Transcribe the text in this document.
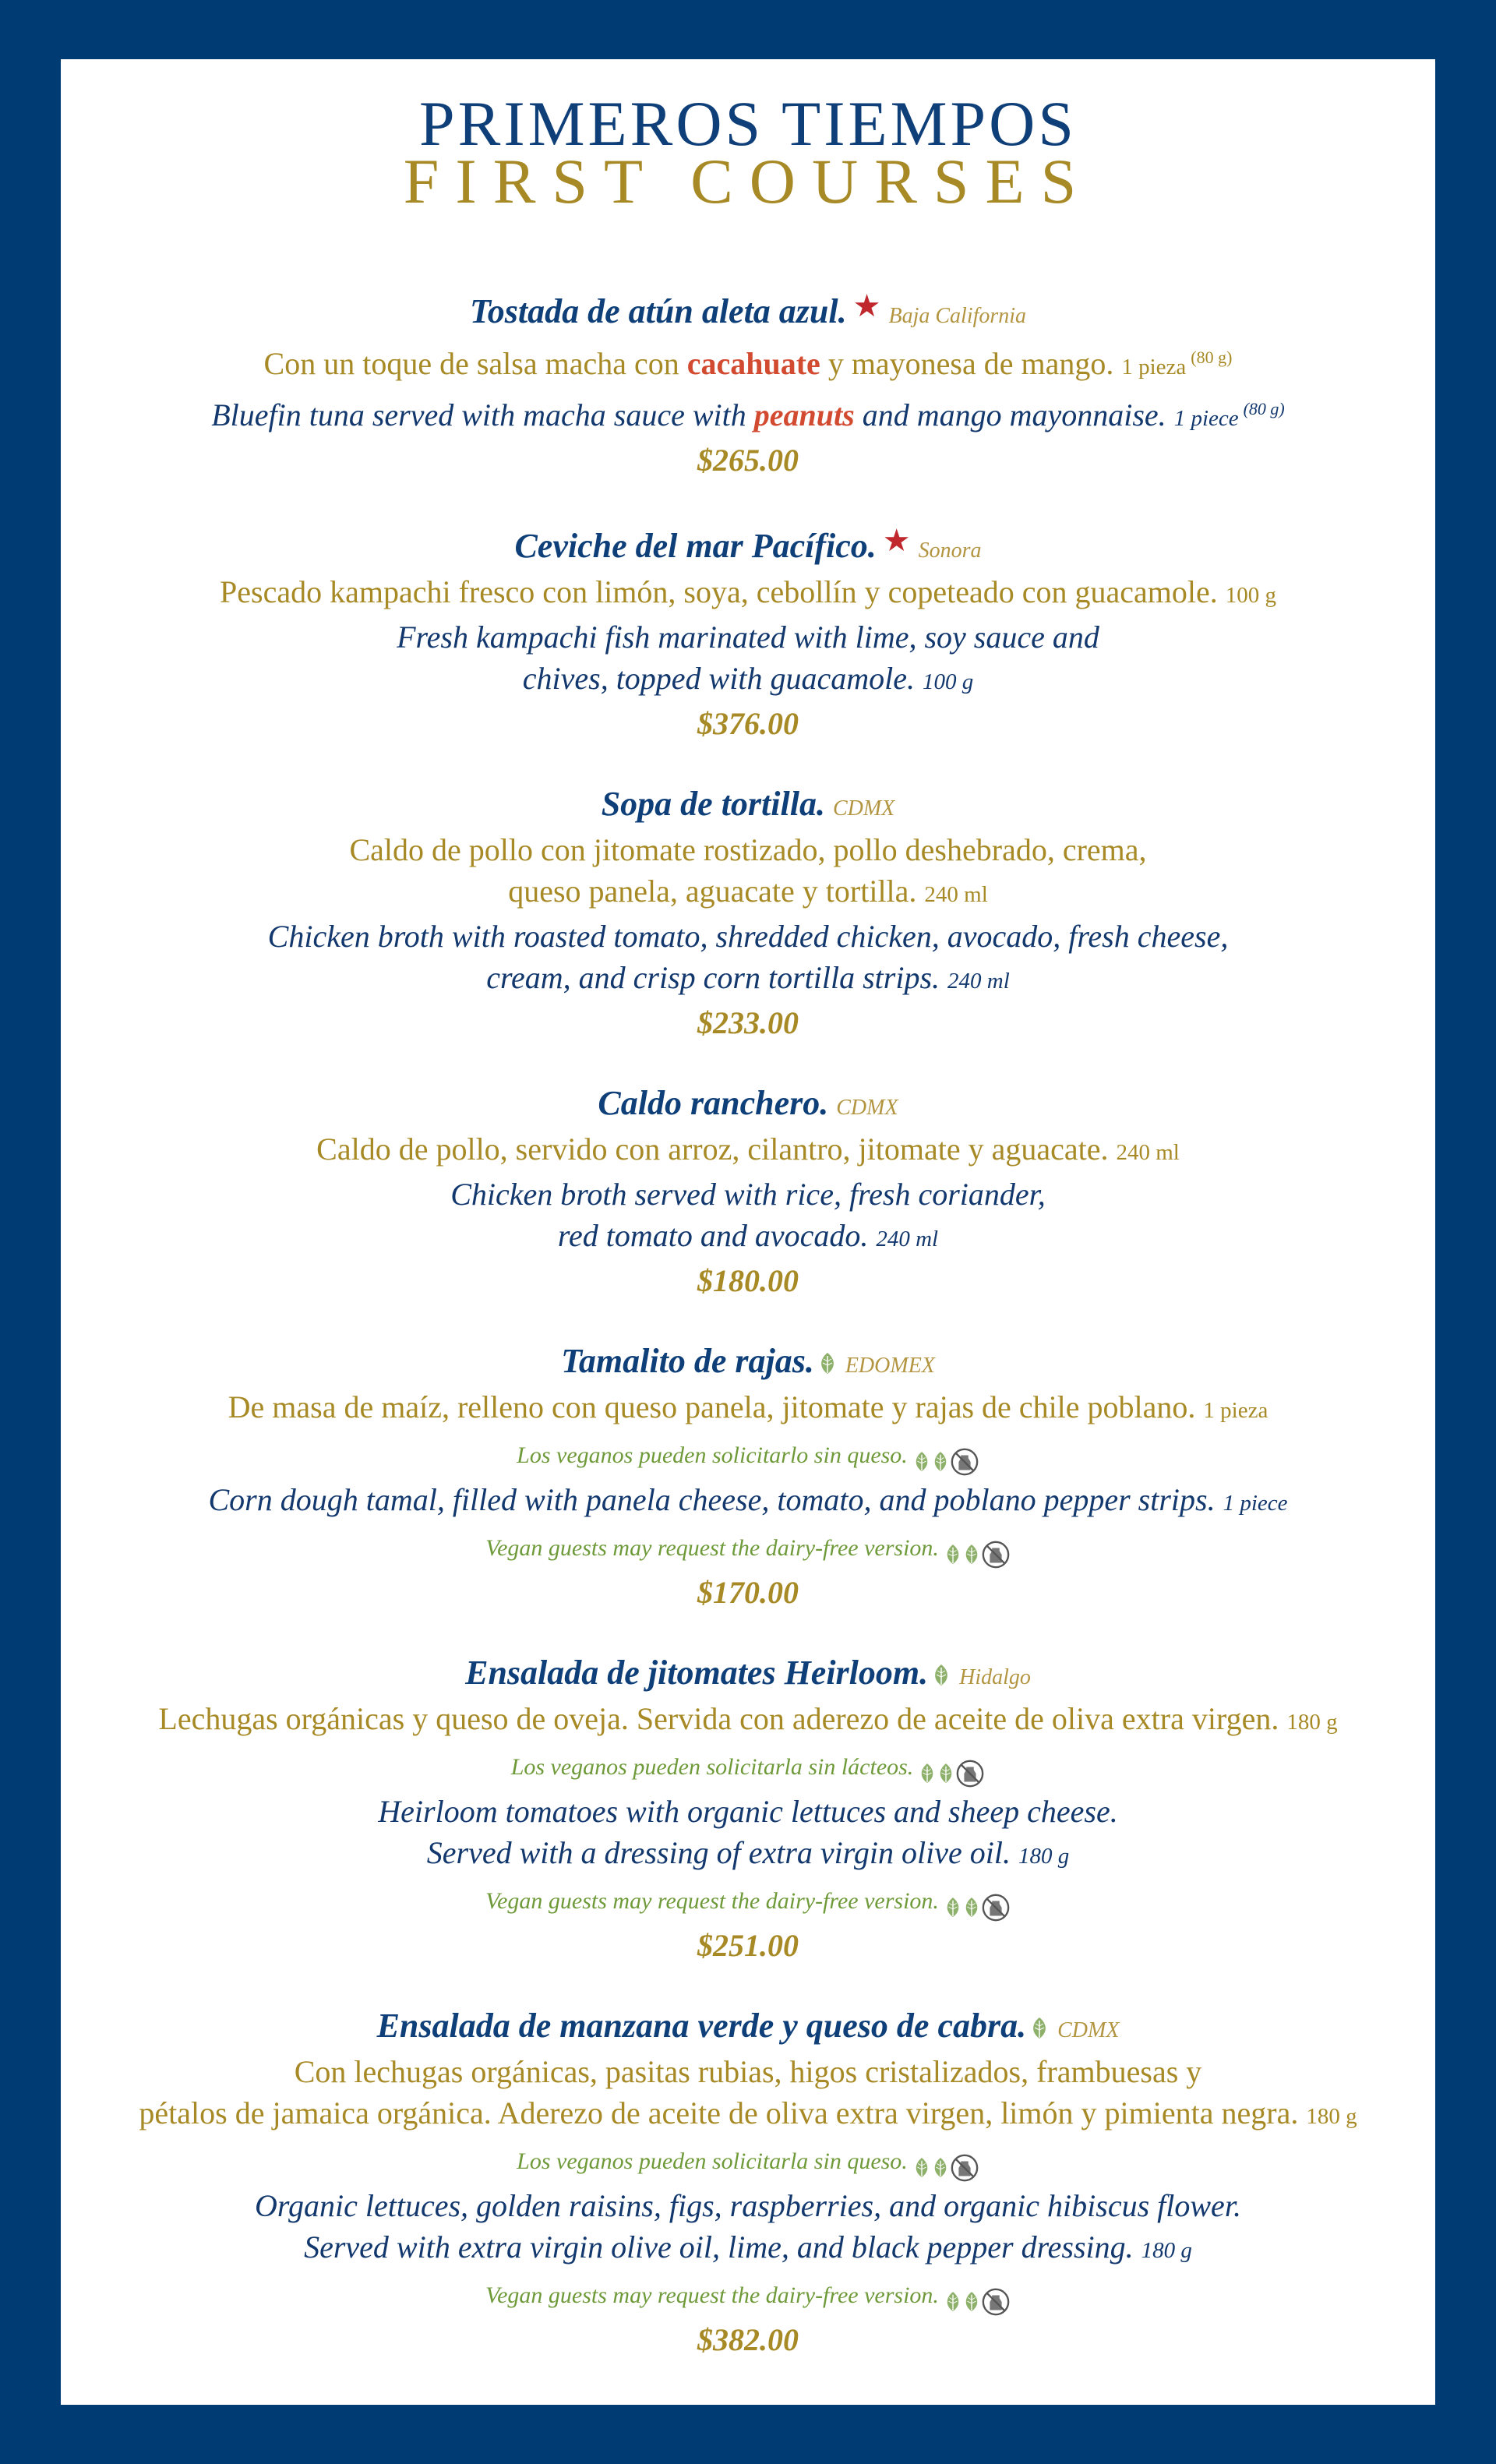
PRIMEROS TIEMPOS
FIRST COURSES
Tostada de atún aleta azul. ★ Baja California
Con un toque de salsa macha con cacahuate y mayonesa de mango. 1 pieza $^{(80 g)}$
Bluefin tuna served with macha sauce with peanuts and mango mayonnaise. 1 piece $^{(80 g)}$
$265.00
Ceviche del mar Pacífico. ★ Sonora
Pescado kampachi fresco con limón, soya, cebollín y copeteado con guacamole. 100 g
Fresh kampachi fish marinated with lime, soy sauce and
chives, topped with guacamole. 100 g
$376.00
Sopa de tortilla. CDMX
Caldo de pollo con jitomate rostizado, pollo deshebrado, crema,
queso panela, aguacate y tortilla. 240 ml
Chicken broth with roasted tomato, shredded chicken, avocado, fresh cheese,
cream, and crisp corn tortilla strips. 240 ml
$233.00
Caldo ranchero. CDMX
Caldo de pollo, servido con arroz, cilantro, jitomate y aguacate. 240 ml
Chicken broth served with rice, fresh coriander,
red tomato and avocado. 240 ml
$180.00
Tamalito de rajas. EDOMEX
De masa de maíz, relleno con queso panela, jitomate y rajas de chile poblano. 1 pieza
Los veganos pueden solicitarlo sin queso.
Corn dough tamal, filled with panela cheese, tomato, and poblano pepper strips. 1 piece
Vegan guests may request the dairy-free version.
$170.00
Ensalada de jitomates Heirloom. Hidalgo
Lechugas orgánicas y queso de oveja. Servida con aderezo de aceite de oliva extra virgen. 180 g
Los veganos pueden solicitarla sin lácteos.
Heirloom tomatoes with organic lettuces and sheep cheese.
Served with a dressing of extra virgin olive oil. 180 g
Vegan guests may request the dairy-free version.
$251.00
Ensalada de manzana verde y queso de cabra. CDMX
Con lechugas orgánicas, pasitas rubias, higos cristalizados, frambuesas y
pétalos de jamaica orgánica. Aderezo de aceite de oliva extra virgen, limón y pimienta negra. 180 g
Los veganos pueden solicitarla sin queso.
Organic lettuces, golden raisins, figs, raspberries, and organic hibiscus flower.
Served with extra virgin olive oil, lime, and black pepper dressing. 180 g
Vegan guests may request the dairy-free version.
$382.00
